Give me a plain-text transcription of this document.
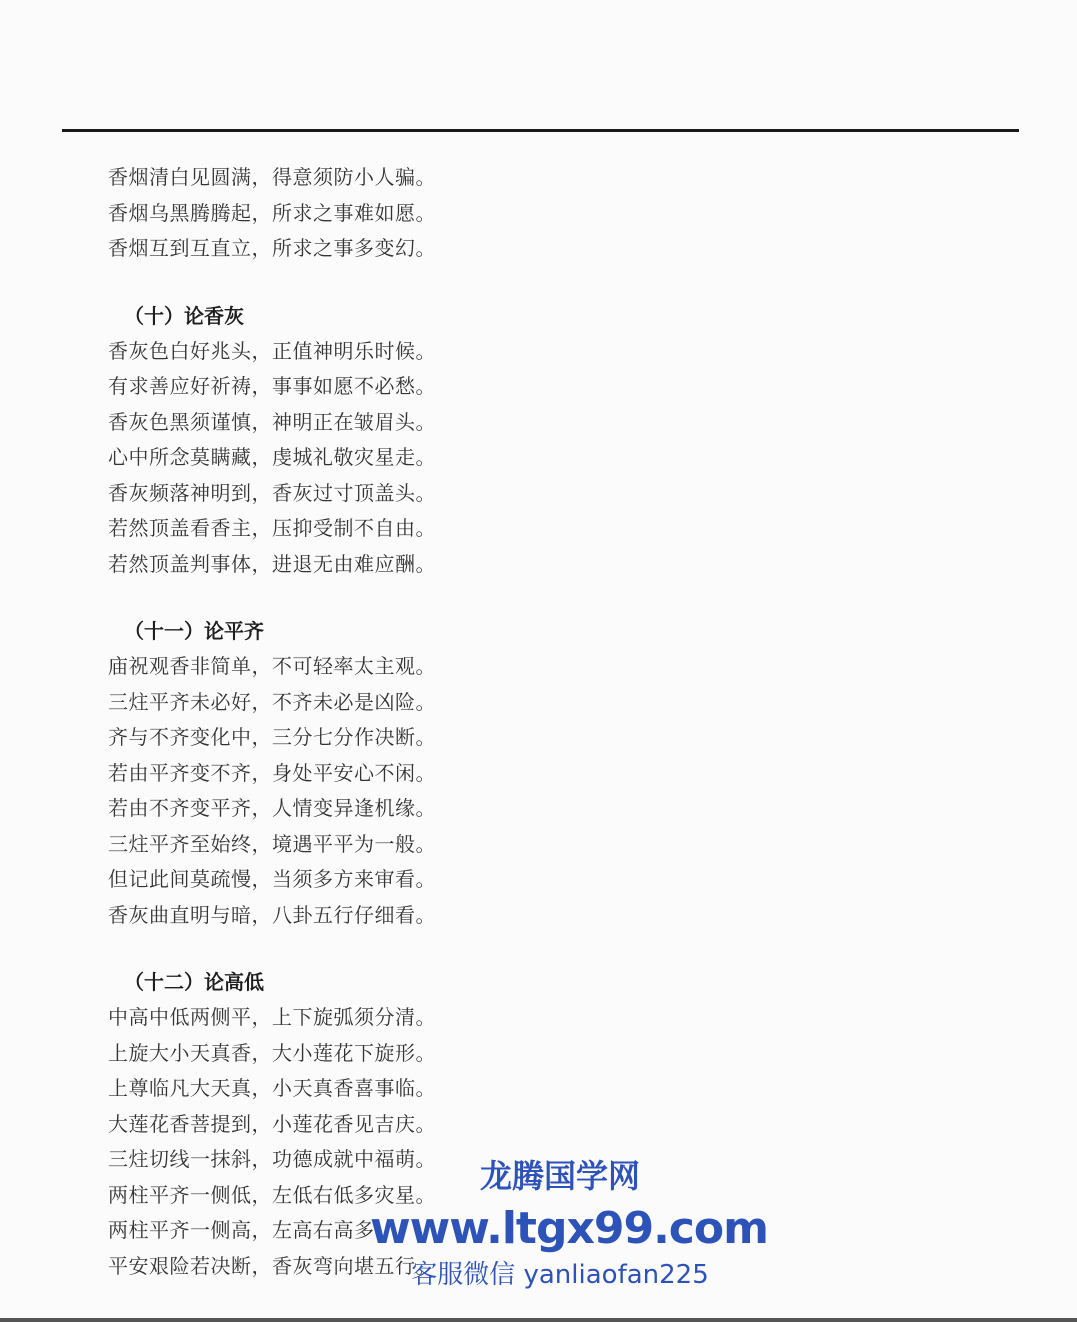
香烟清白见圆满，得意须防小人骗。
香烟乌黑腾腾起，所求之事难如愿。
香烟互到互直立，所求之事多变幻。
（十）论香灰
香灰色白好兆头，正值神明乐时候。
有求善应好祈祷，事事如愿不必愁。
香灰色黑须谨慎，神明正在皱眉头。
心中所念莫瞒藏，虔城礼敬灾星走。
香灰频落神明到，香灰过寸顶盖头。
若然顶盖看香主，压抑受制不自由。
若然顶盖判事体，进退无由难应酬。
（十一）论平齐
庙祝观香非简单，不可轻率太主观。
三炷平齐未必好，不齐未必是凶险。
齐与不齐变化中，三分七分作决断。
若由平齐变不齐，身处平安心不闲。
若由不齐变平齐，人情变异逢机缘。
三炷平齐至始终，境遇平平为一般。
但记此间莫疏慢，当须多方来审看。
香灰曲直明与暗，八卦五行仔细看。
（十二）论高低
中高中低两侧平，上下旋弧须分清。
上旋大小天真香，大小莲花下旋形。
上尊临凡大天真，小天真香喜事临。
大莲花香菩提到，小莲花香见吉庆。
三炷切线一抹斜，功德成就中福萌。
两柱平齐一侧低，左低右低多灾星。
两柱平齐一侧高，左高右高多
平安艰险若决断，香灰弯向堪五行。
龙腾国学网
www.ltgx99.com
客服微信 yanliaofan225
